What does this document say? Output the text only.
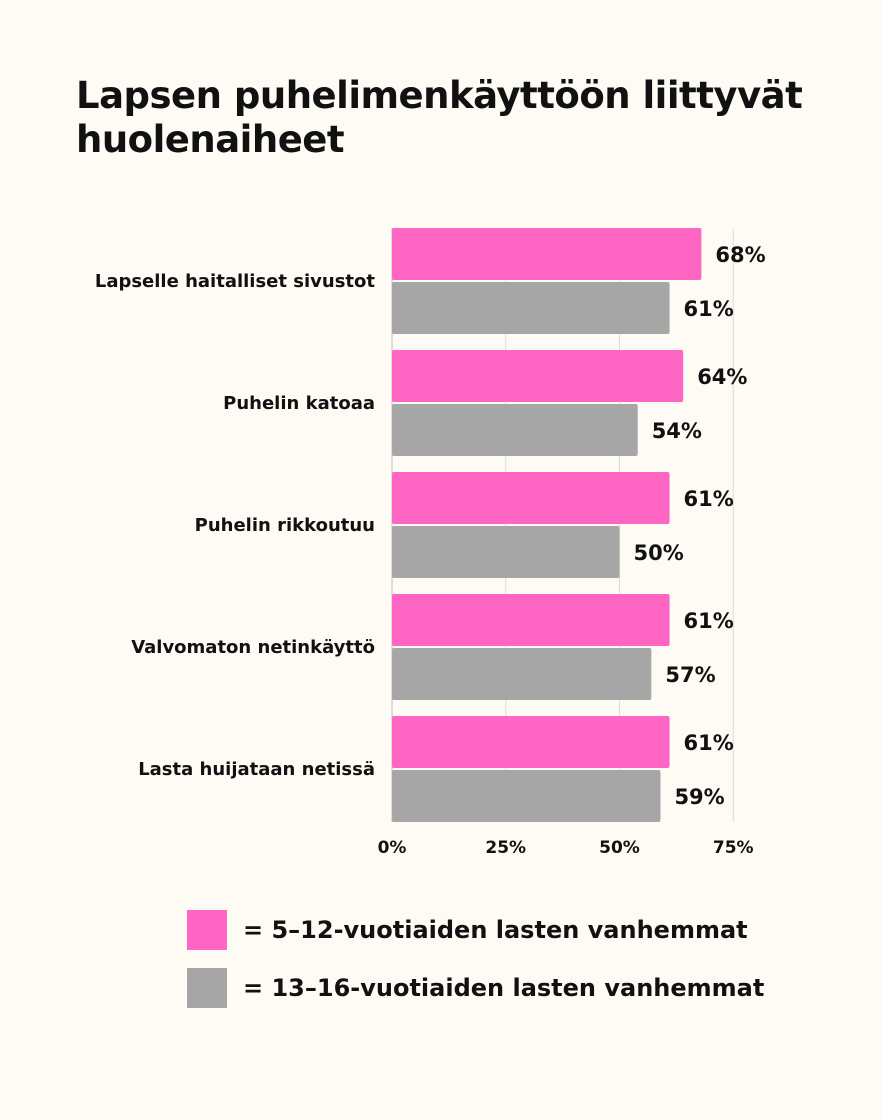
Lapsen puhelimenkäyttöön liittyvät huolenaiheet
68%
61%
Lapselle haitalliset sivustot
64%
54%
Puhelin katoaa
61%
50%
Puhelin rikkoutuu
61%
57%
Valvomaton netinkäyttö
61%
59%
Lasta huijataan netissä
0%	25%	50%	75%
= 5–12-vuotiaiden lasten vanhemmat
= 13–16-vuotiaiden lasten vanhemmat
